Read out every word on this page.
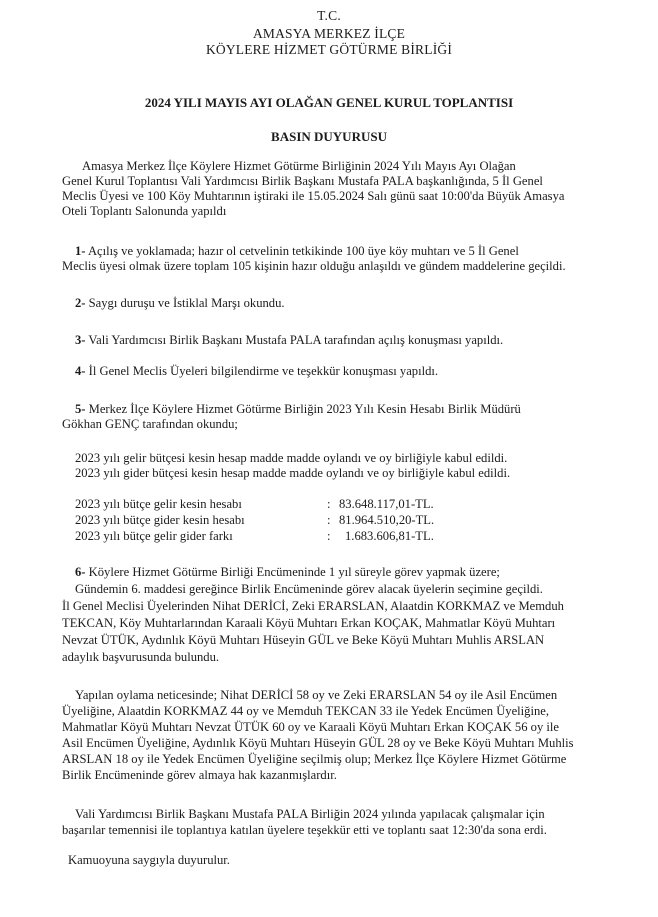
T.C.
AMASYA MERKEZ İLÇE
KÖYLERE HİZMET GÖTÜRME BİRLİĞİ
2024 YILI MAYIS AYI OLAĞAN GENEL KURUL TOPLANTISI
BASIN DUYURUSU
Amasya Merkez İlçe Köylere Hizmet Götürme Birliğinin 2024 Yılı Mayıs Ayı Olağan
Genel Kurul Toplantısı Vali Yardımcısı Birlik Başkanı Mustafa PALA başkanlığında, 5 İl Genel
Meclis Üyesi ve 100 Köy Muhtarının iştiraki ile 15.05.2024 Salı günü saat 10:00'da Büyük Amasya
Oteli Toplantı Salonunda yapıldı
1- Açılış ve yoklamada; hazır ol cetvelinin tetkikinde 100 üye köy muhtarı ve 5 İl Genel
Meclis üyesi olmak üzere toplam 105 kişinin hazır olduğu anlaşıldı ve gündem maddelerine geçildi.
2- Saygı duruşu ve İstiklal Marşı okundu.
3- Vali Yardımcısı Birlik Başkanı Mustafa PALA tarafından açılış konuşması yapıldı.
4- İl Genel Meclis Üyeleri bilgilendirme ve teşekkür konuşması yapıldı.
5- Merkez İlçe Köylere Hizmet Götürme Birliğin 2023 Yılı Kesin Hesabı Birlik Müdürü
Gökhan GENÇ tarafından okundu;
2023 yılı gelir bütçesi kesin hesap madde madde oylandı ve oy birliğiyle kabul edildi.
2023 yılı gider bütçesi kesin hesap madde madde oylandı ve oy birliğiyle kabul edildi.
2023 yılı bütçe gelir kesin hesabı	: 83.648.117,01-TL.
2023 yılı bütçe gider kesin hesabı	: 81.964.510,20-TL.
2023 yılı bütçe gelir gider farkı	:1.683.606,81-TL.
6- Köylere Hizmet Götürme Birliği Encümeninde 1 yıl süreyle görev yapmak üzere;
Gündemin 6. maddesi gereğince Birlik Encümeninde görev alacak üyelerin seçimine geçildi.
İl Genel Meclisi Üyelerinden Nihat DERİCİ, Zeki ERARSLAN, Alaatdin KORKMAZ ve Memduh
TEKCAN, Köy Muhtarlarından Karaali Köyü Muhtarı Erkan KOÇAK, Mahmatlar Köyü Muhtarı
Nevzat ÜTÜK, Aydınlık Köyü Muhtarı Hüseyin GÜL ve Beke Köyü Muhtarı Muhlis ARSLAN
adaylık başvurusunda bulundu.
Yapılan oylama neticesinde; Nihat DERİCİ 58 oy ve Zeki ERARSLAN 54 oy ile Asil Encümen
Üyeliğine, Alaatdin KORKMAZ 44 oy ve Memduh TEKCAN 33 ile Yedek Encümen Üyeliğine,
Mahmatlar Köyü Muhtarı Nevzat ÜTÜK 60 oy ve Karaali Köyü Muhtarı Erkan KOÇAK 56 oy ile
Asil Encümen Üyeliğine, Aydınlık Köyü Muhtarı Hüseyin GÜL 28 oy ve Beke Köyü Muhtarı Muhlis
ARSLAN 18 oy ile Yedek Encümen Üyeliğine seçilmiş olup; Merkez İlçe Köylere Hizmet Götürme
Birlik Encümeninde görev almaya hak kazanmışlardır.
Vali Yardımcısı Birlik Başkanı Mustafa PALA Birliğin 2024 yılında yapılacak çalışmalar için
başarılar temennisi ile toplantıya katılan üyelere teşekkür etti ve toplantı saat 12:30'da sona erdi.
Kamuoyuna saygıyla duyurulur.
